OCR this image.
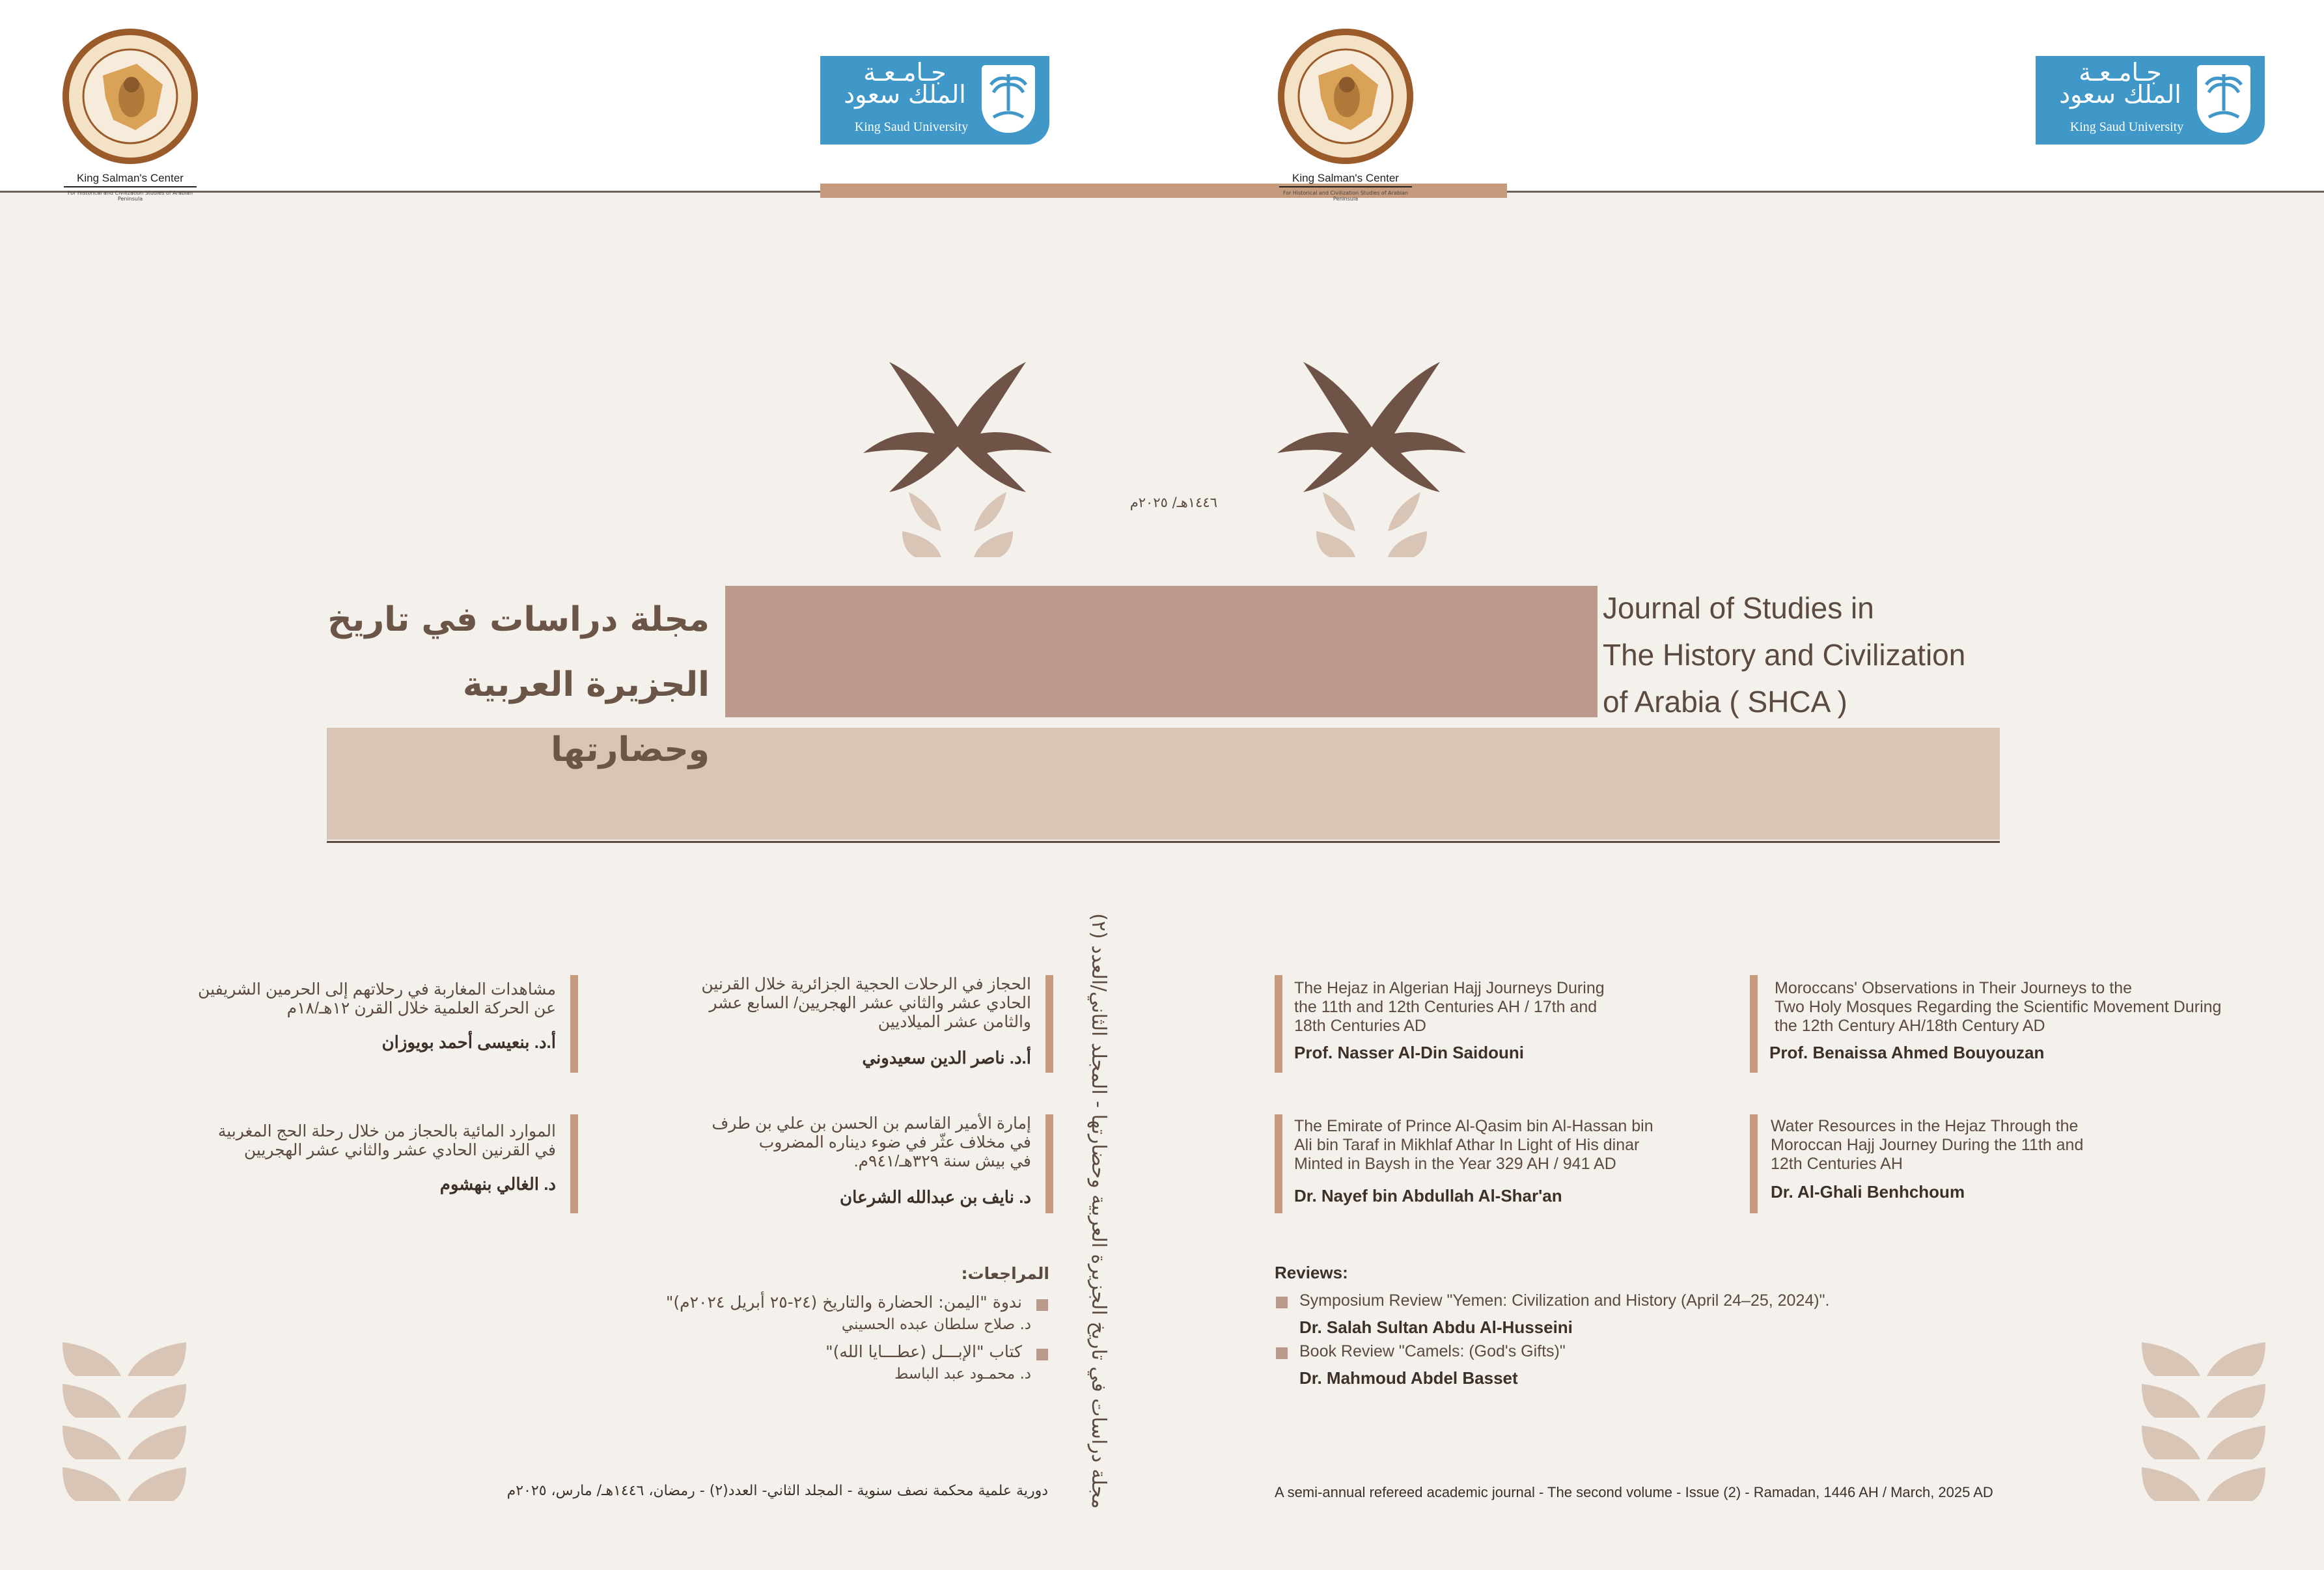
King Salman's Center
For Historical and Civilization Studies of Arabian Peninsula
جـامـعـة الملك سعود
King Saud University
King Salman's Center
For Historical and Civilization Studies of Arabian Peninsula
جـامـعـة الملك سعود
King Saud University
١٤٤٦هـ/ ٢٠٢٥م
مجلة دراسات في تاريخ
الجزيرة العربية وحضارتها
Journal of Studies in
The History and Civilization
of Arabia ( SHCA )
مجلة دراسات في تاريخ الجزيرة العربية وحضارتها - المجلد الثاني/العدد (٢)
الحجاز في الرحلات الحجية الجزائرية خلال القرنين
الحادي عشر والثاني عشر الهجريين/ السابع عشر
والثامن عشر الميلاديين
أ.د. ناصر الدين سعيدوني
مشاهدات المغاربة في رحلاتهم إلى الحرمين الشريفين
عن الحركة العلمية خلال القرن ١٢هـ/١٨م
أ.د. بنعيسى أحمد بويوزان
إمارة الأمير القاسم بن الحسن بن علي بن طرف
في مخلاف عثّر في ضوء ديناره المضروب
في بيش سنة ٣٢٩هـ/٩٤١م.
د. نايف بن عبدالله الشرعان
الموارد المائية بالحجاز من خلال رحلة الحج المغربية
في القرنين الحادي عشر والثاني عشر الهجريين
د. الغالي بنهشوم
المراجعات:
ندوة "اليمن: الحضارة والتاريخ (٢٤-٢٥ أبريل ٢٠٢٤م)"
د. صلاح سلطان عبده الحسيني
كتاب "الإبـــل (عطـــايا الله)"
د. محمـود عبد الباسط
The Hejaz in Algerian Hajj Journeys During
the 11th and 12th Centuries AH / 17th and
18th Centuries AD
Prof. Nasser Al-Din Saidouni
Moroccans' Observations in Their Journeys to the
Two Holy Mosques Regarding the Scientific Movement During
the 12th Century AH/18th Century AD
Prof. Benaissa Ahmed Bouyouzan
The Emirate of Prince Al-Qasim bin Al-Hassan bin
Ali bin Taraf in Mikhlaf Athar In Light of His dinar
Minted in Baysh in the Year 329 AH / 941 AD
Dr. Nayef bin Abdullah Al-Shar'an
Water Resources in the Hejaz Through the
Moroccan Hajj Journey During the 11th and
12th Centuries AH
Dr. Al-Ghali Benhchoum
Reviews:
Symposium Review "Yemen: Civilization and History (April 24–25, 2024)".
Dr. Salah Sultan Abdu Al-Husseini
Book Review "Camels: (God's Gifts)"
Dr. Mahmoud Abdel Basset
A semi-annual refereed academic journal - The second volume - Issue (2) - Ramadan, 1446 AH / March, 2025 AD
دورية علمية محكمة نصف سنوية - المجلد الثاني- العدد(٢) - رمضان، ١٤٤٦هـ/ مارس، ٢٠٢٥م
